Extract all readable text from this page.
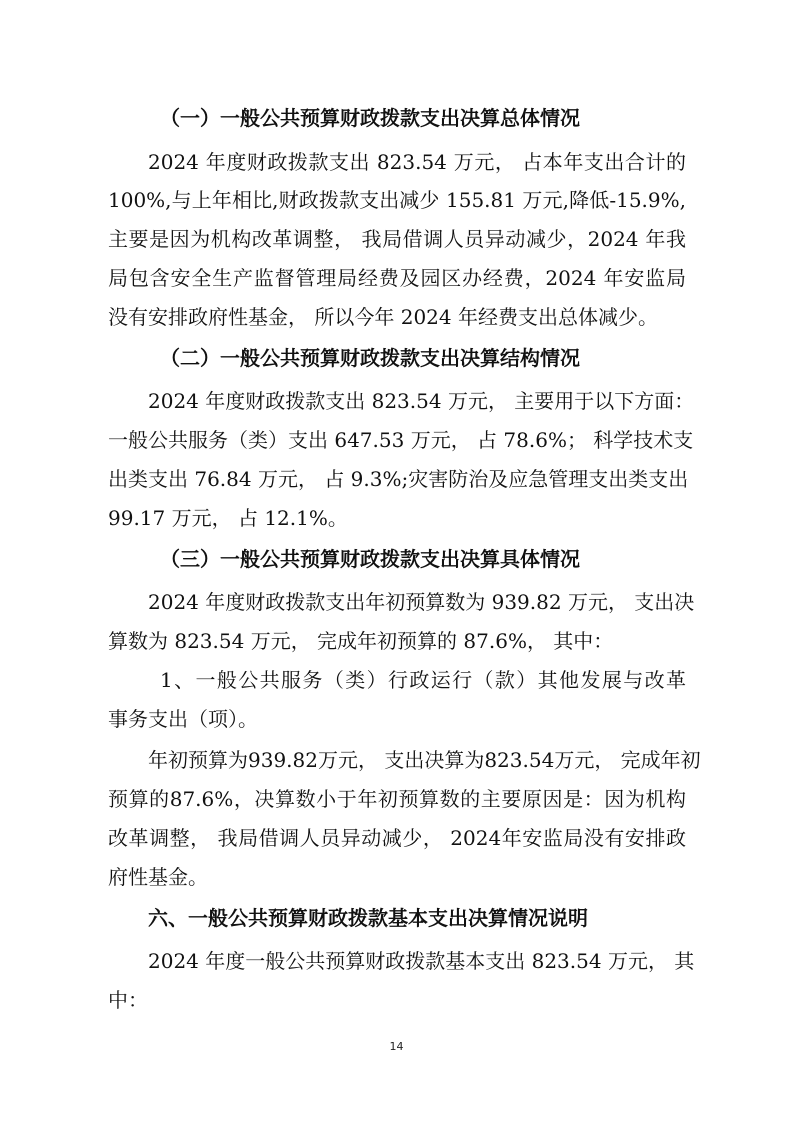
（一）一般公共预算财政拨款支出决算总体情况
2024 年度财政拨款支出 823.54 万元， 占本年支出合计的
100%,与上年相比,财政拨款支出减少 155.81 万元,降低-15.9%,
主要是因为机构改革调整， 我局借调人员异动减少，2024 年我
局包含安全生产监督管理局经费及园区办经费，2024 年安监局
没有安排政府性基金， 所以今年 2024 年经费支出总体减少。
（二）一般公共预算财政拨款支出决算结构情况
2024 年度财政拨款支出 823.54 万元， 主要用于以下方面：
一般公共服务（类）支出 647.53 万元， 占 78.6%； 科学技术支
出类支出 76.84 万元， 占 9.3%;灾害防治及应急管理支出类支出
99.17 万元， 占 12.1%。
（三）一般公共预算财政拨款支出决算具体情况
2024 年度财政拨款支出年初预算数为 939.82 万元， 支出决
算数为 823.54 万元， 完成年初预算的 87.6%， 其中：
1、一般公共服务（类）行政运行（款）其他发展与改革
事务支出（项）。
年初预算为939.82万元， 支出决算为823.54万元， 完成年初
预算的87.6%，决算数小于年初预算数的主要原因是：因为机构
改革调整， 我局借调人员异动减少， 2024年安监局没有安排政
府性基金。
六、一般公共预算财政拨款基本支出决算情况说明
2024 年度一般公共预算财政拨款基本支出 823.54 万元， 其
中：
14
